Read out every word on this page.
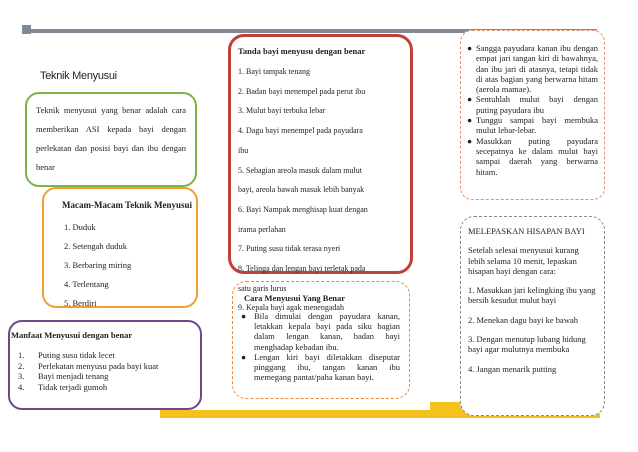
Teknik Menyusui
Teknik menyusui yang benar adalah cara memberikan ASI kepada bayi dengan perlekatan dan posisi bayi dan ibu dengan benar
Macam-Macam Teknik Menyusui
1. Duduk
2. Setengah duduk
3. Berbaring miring
4. Terlentang
5. Berdiri
Manfaat Menyusui dengan benar
1. Puting susu tidak lecet
2. Perlekatan menyusu pada bayi kuat
3. Bayi menjadi tenang
4. Tidak terjadi gumoh
Tanda bayi menyusu dengan benar
1. Bayi tampak tenang
2. Badan bayi menempel pada perut ibu
3. Mulut bayi terbuka lebar
4. Dagu bayi menempel pada payudara
ibu
5. Sebagian areola masuk dalam mulut
bayi, areola bawah masuk lebih banyak
6. Bayi Nampak menghisap kuat dengan
irama perlahan
7. Puting susu tidak terasa nyeri
8. Telinga dan lengan bayi terletak pada
satu garis lurus
9. Kepala bayi agak menengadah
Cara Menyusui Yang Benar
● Bila dimulai dengan payudara kanan, letakkan kepala bayi pada siku bagian dalam lengan kanan, badan bayi menghadap kebadan ibu.
● Lengan kiri bayi diletakkan diseputar pinggang ibu, tangan kanan ibu memegang pantat/paha kanan bayi.
● Sangga payudara kanan ibu dengan empat jari tangan kiri di bawahnya, dan ibu jari di atasnya, tetapi tidak di atas bagian yang berwarna hitam (aerola mamae).
● Sentuhlah mulut bayi dengan puting payudara ibu
● Tunggu sampai bayi membuka mulut lebar-lebar.
● Masukkan puting payudara secepatnya ke dalam mulut bayi sampai daerah yang berwarna hitam.

MELEPASKAN HISAPAN BAYI

Setelah selesai menyusui kurang lebih selama 10 menit, lepaskan hisapan bayi dengan cara:

1. Masukkan jari kelingking ibu yang bersih kesudut mulut bayi

2. Menekan dagu bayi ke bawah

3. Dengan menutup lubang hidung bayi agar mulutnya membuka

4. Jangan menarik putting
